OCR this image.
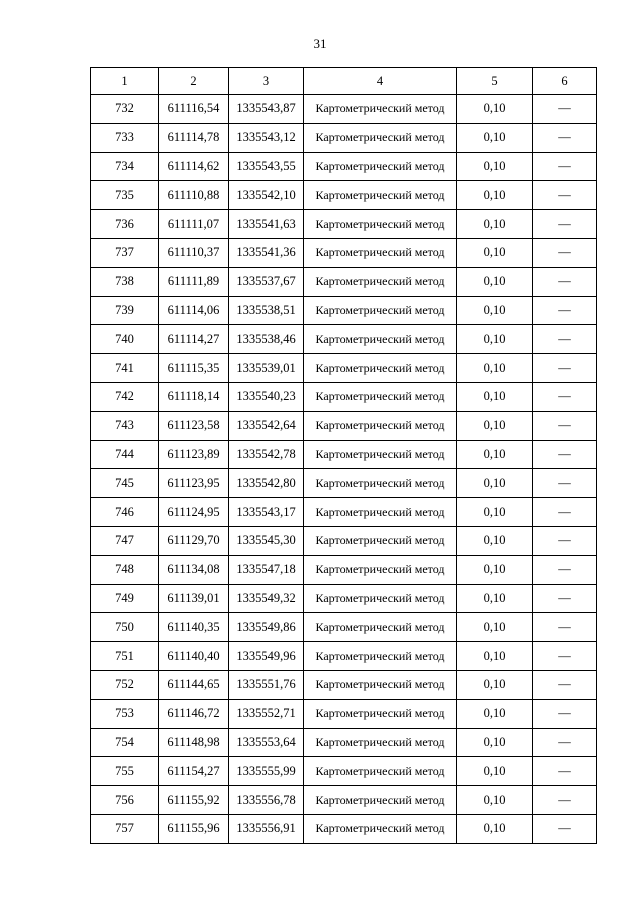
31
1	2	3	4	5	6
732	611116,54	1335543,87	Картометрический метод	0,10	—
733	611114,78	1335543,12	Картометрический метод	0,10	—
734	611114,62	1335543,55	Картометрический метод	0,10	—
735	611110,88	1335542,10	Картометрический метод	0,10	—
736	611111,07	1335541,63	Картометрический метод	0,10	—
737	611110,37	1335541,36	Картометрический метод	0,10	—
738	611111,89	1335537,67	Картометрический метод	0,10	—
739	611114,06	1335538,51	Картометрический метод	0,10	—
740	611114,27	1335538,46	Картометрический метод	0,10	—
741	611115,35	1335539,01	Картометрический метод	0,10	—
742	611118,14	1335540,23	Картометрический метод	0,10	—
743	611123,58	1335542,64	Картометрический метод	0,10	—
744	611123,89	1335542,78	Картометрический метод	0,10	—
745	611123,95	1335542,80	Картометрический метод	0,10	—
746	611124,95	1335543,17	Картометрический метод	0,10	—
747	611129,70	1335545,30	Картометрический метод	0,10	—
748	611134,08	1335547,18	Картометрический метод	0,10	—
749	611139,01	1335549,32	Картометрический метод	0,10	—
750	611140,35	1335549,86	Картометрический метод	0,10	—
751	611140,40	1335549,96	Картометрический метод	0,10	—
752	611144,65	1335551,76	Картометрический метод	0,10	—
753	611146,72	1335552,71	Картометрический метод	0,10	—
754	611148,98	1335553,64	Картометрический метод	0,10	—
755	611154,27	1335555,99	Картометрический метод	0,10	—
756	611155,92	1335556,78	Картометрический метод	0,10	—
757	611155,96	1335556,91	Картометрический метод	0,10	—
